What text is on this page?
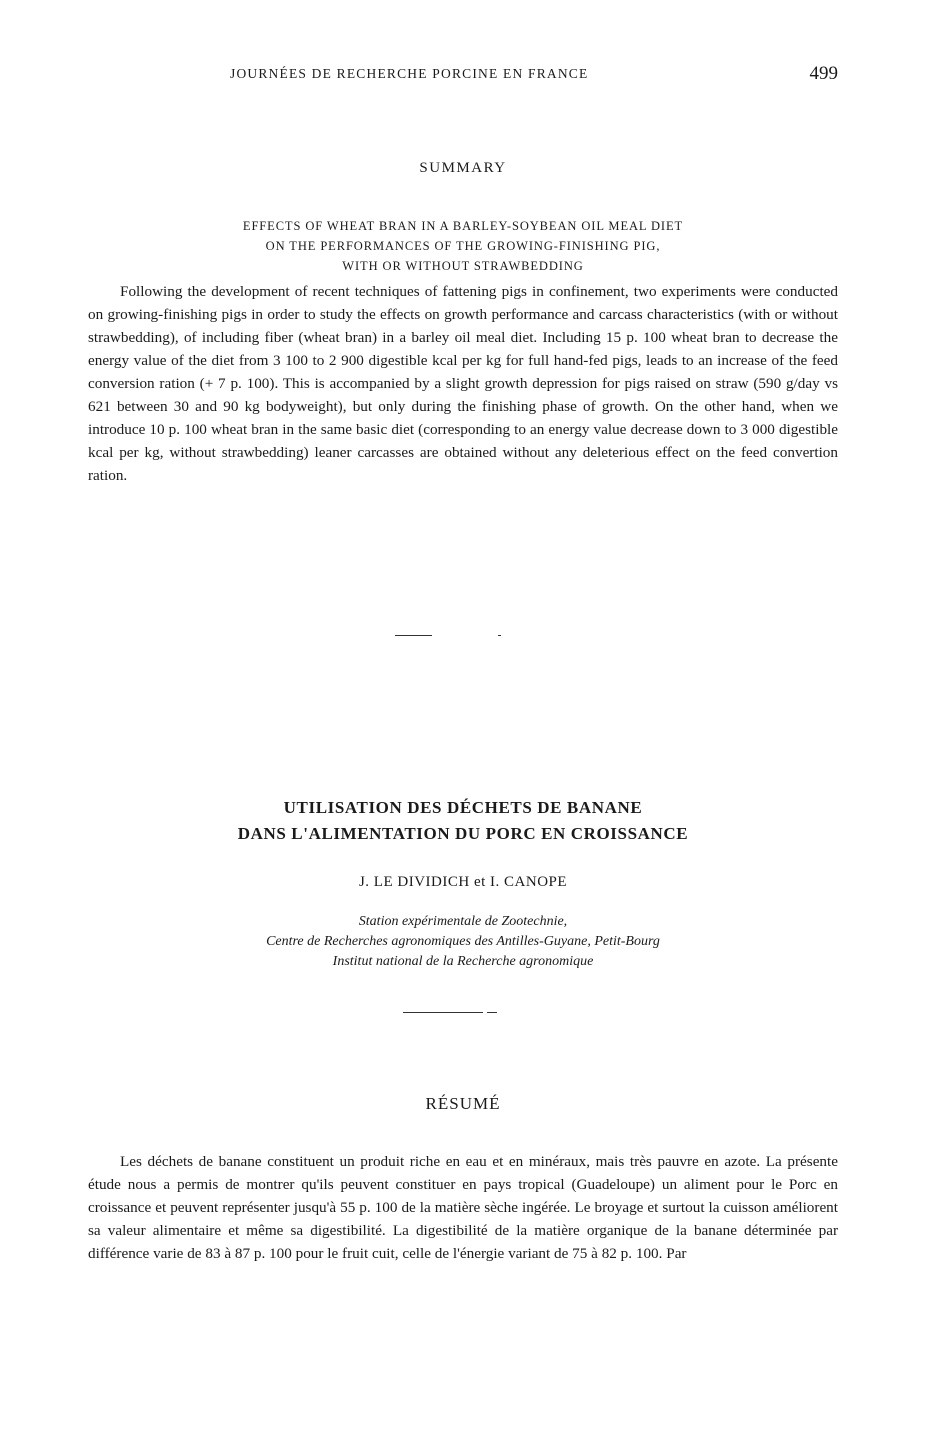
JOURNÉES DE RECHERCHE PORCINE EN FRANCE	499
SUMMARY
EFFECTS OF WHEAT BRAN IN A BARLEY-SOYBEAN OIL MEAL DIET
ON THE PERFORMANCES OF THE GROWING-FINISHING PIG,
WITH OR WITHOUT STRAWBEDDING

Following the development of recent techniques of fattening pigs in confinement, two experiments were conducted on growing-finishing pigs in order to study the effects on growth performance and carcass characteristics (with or without strawbedding), of including fiber (wheat bran) in a barley oil meal diet. Including 15 p. 100 wheat bran to decrease the energy value of the diet from 3 100 to 2 900 digestible kcal per kg for full hand-fed pigs, leads to an increase of the feed conversion ration (+ 7 p. 100). This is accompanied by a slight growth depression for pigs raised on straw (590 g/day vs 621 between 30 and 90 kg bodyweight), but only during the finishing phase of growth. On the other hand, when we introduce 10 p. 100 wheat bran in the same basic diet (corresponding to an energy value decrease down to 3 000 digestible kcal per kg, without strawbedding) leaner carcasses are obtained without any deleterious effect on the feed convertion ration.

UTILISATION DES DÉCHETS DE BANANE
DANS L'ALIMENTATION DU PORC EN CROISSANCE
J. LE DIVIDICH et I. CANOPE
Station expérimentale de Zootechnie,
Centre de Recherches agronomiques des Antilles-Guyane, Petit-Bourg
Institut national de la Recherche agronomique
RÉSUMÉ

Les déchets de banane constituent un produit riche en eau et en minéraux, mais très pauvre en azote. La présente étude nous a permis de montrer qu'ils peuvent constituer en pays tropical (Guadeloupe) un aliment pour le Porc en croissance et peuvent représenter jusqu'à 55 p. 100 de la matière sèche ingérée. Le broyage et surtout la cuisson améliorent sa valeur alimentaire et même sa digestibilité. La digestibilité de la matière organique de la banane déterminée par différence varie de 83 à 87 p. 100 pour le fruit cuit, celle de l'énergie variant de 75 à 82 p. 100. Par
